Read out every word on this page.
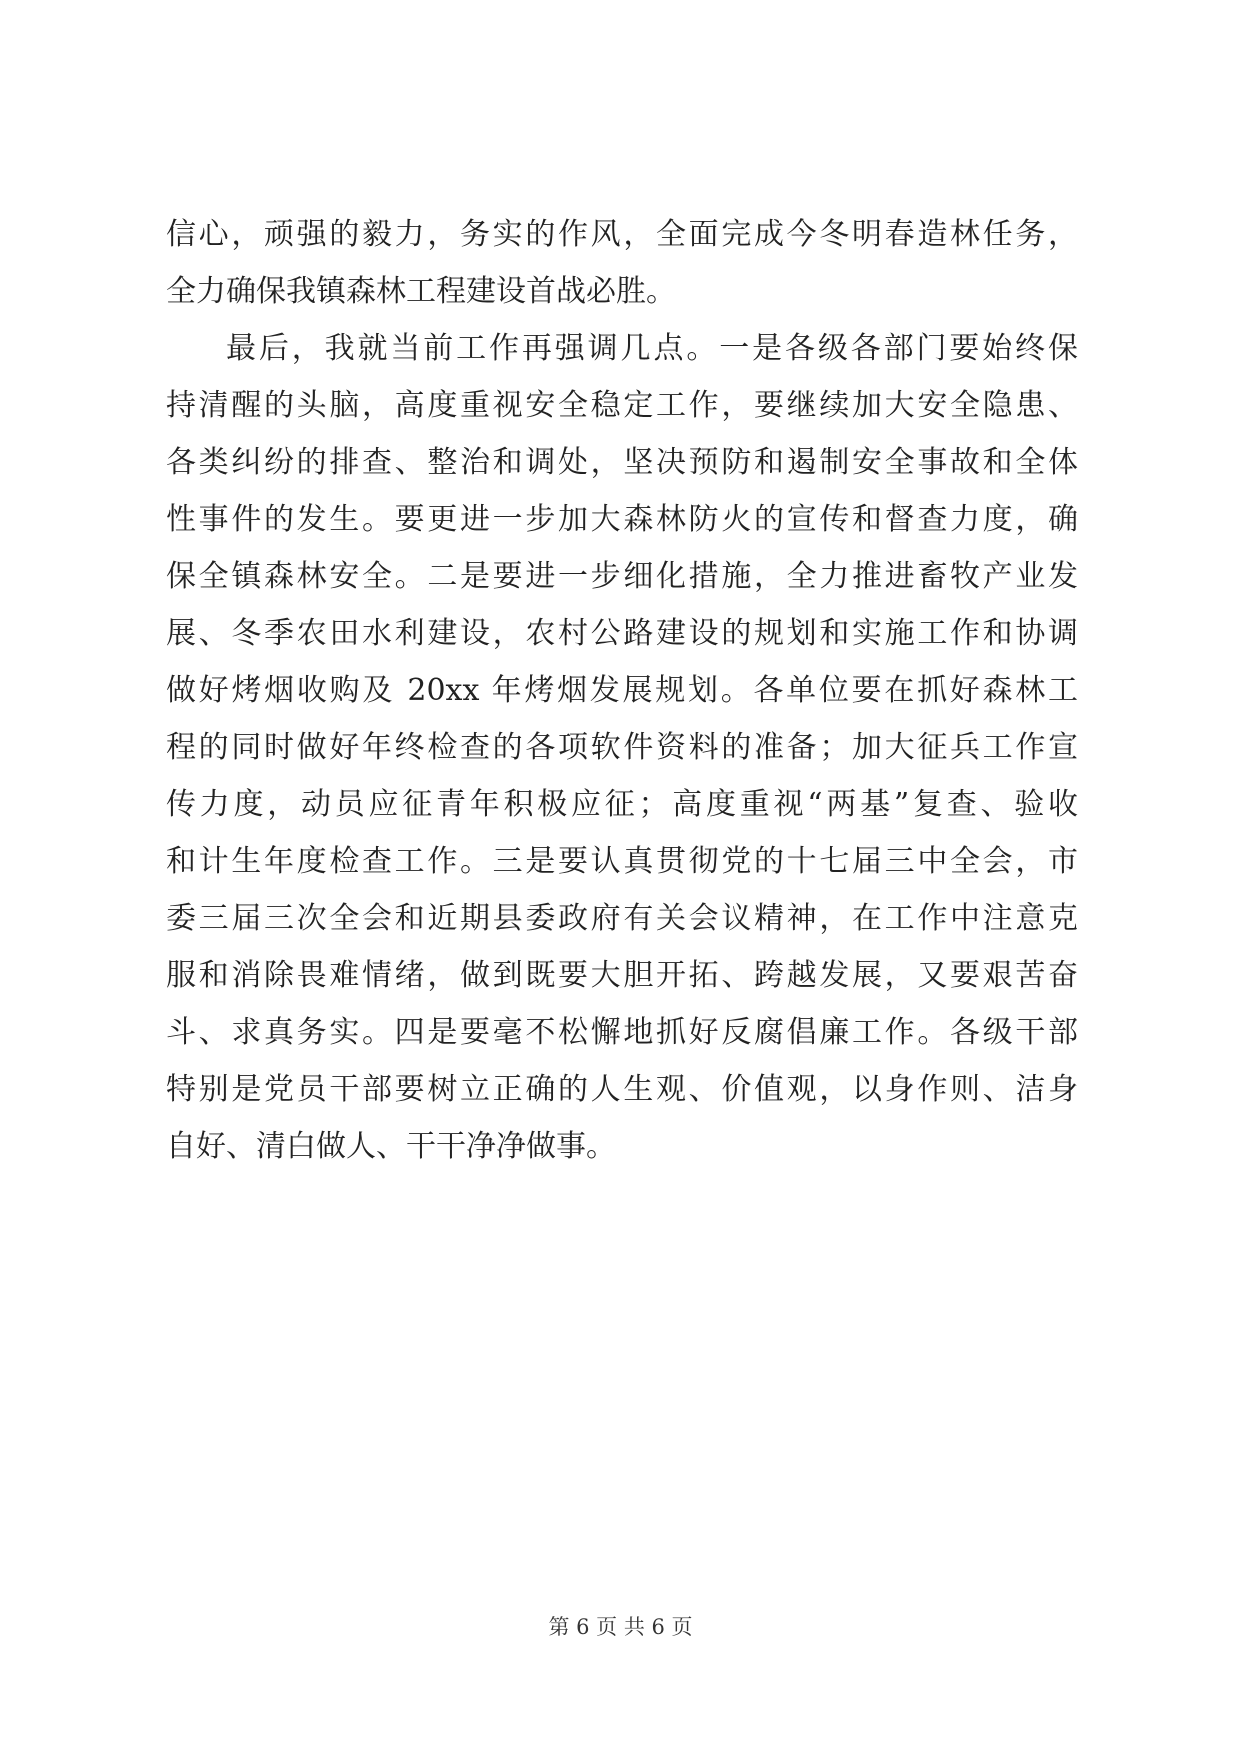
信心，顽强的毅力，务实的作风，全面完成今冬明春造林任务，
全力确保我镇森林工程建设首战必胜。
最后，我就当前工作再强调几点。一是各级各部门要始终保
持清醒的头脑，高度重视安全稳定工作，要继续加大安全隐患、
各类纠纷的排查、整治和调处，坚决预防和遏制安全事故和全体
性事件的发生。要更进一步加大森林防火的宣传和督查力度，确
保全镇森林安全。二是要进一步细化措施，全力推进畜牧产业发
展、冬季农田水利建设，农村公路建设的规划和实施工作和协调
做好烤烟收购及 20xx 年烤烟发展规划。各单位要在抓好森林工
程的同时做好年终检查的各项软件资料的准备；加大征兵工作宣
传力度，动员应征青年积极应征；高度重视“两基”复查、验收
和计生年度检查工作。三是要认真贯彻党的十七届三中全会，市
委三届三次全会和近期县委政府有关会议精神，在工作中注意克
服和消除畏难情绪，做到既要大胆开拓、跨越发展，又要艰苦奋
斗、求真务实。四是要毫不松懈地抓好反腐倡廉工作。各级干部
特别是党员干部要树立正确的人生观、价值观，以身作则、洁身
自好、清白做人、干干净净做事。
第 6 页 共 6 页
